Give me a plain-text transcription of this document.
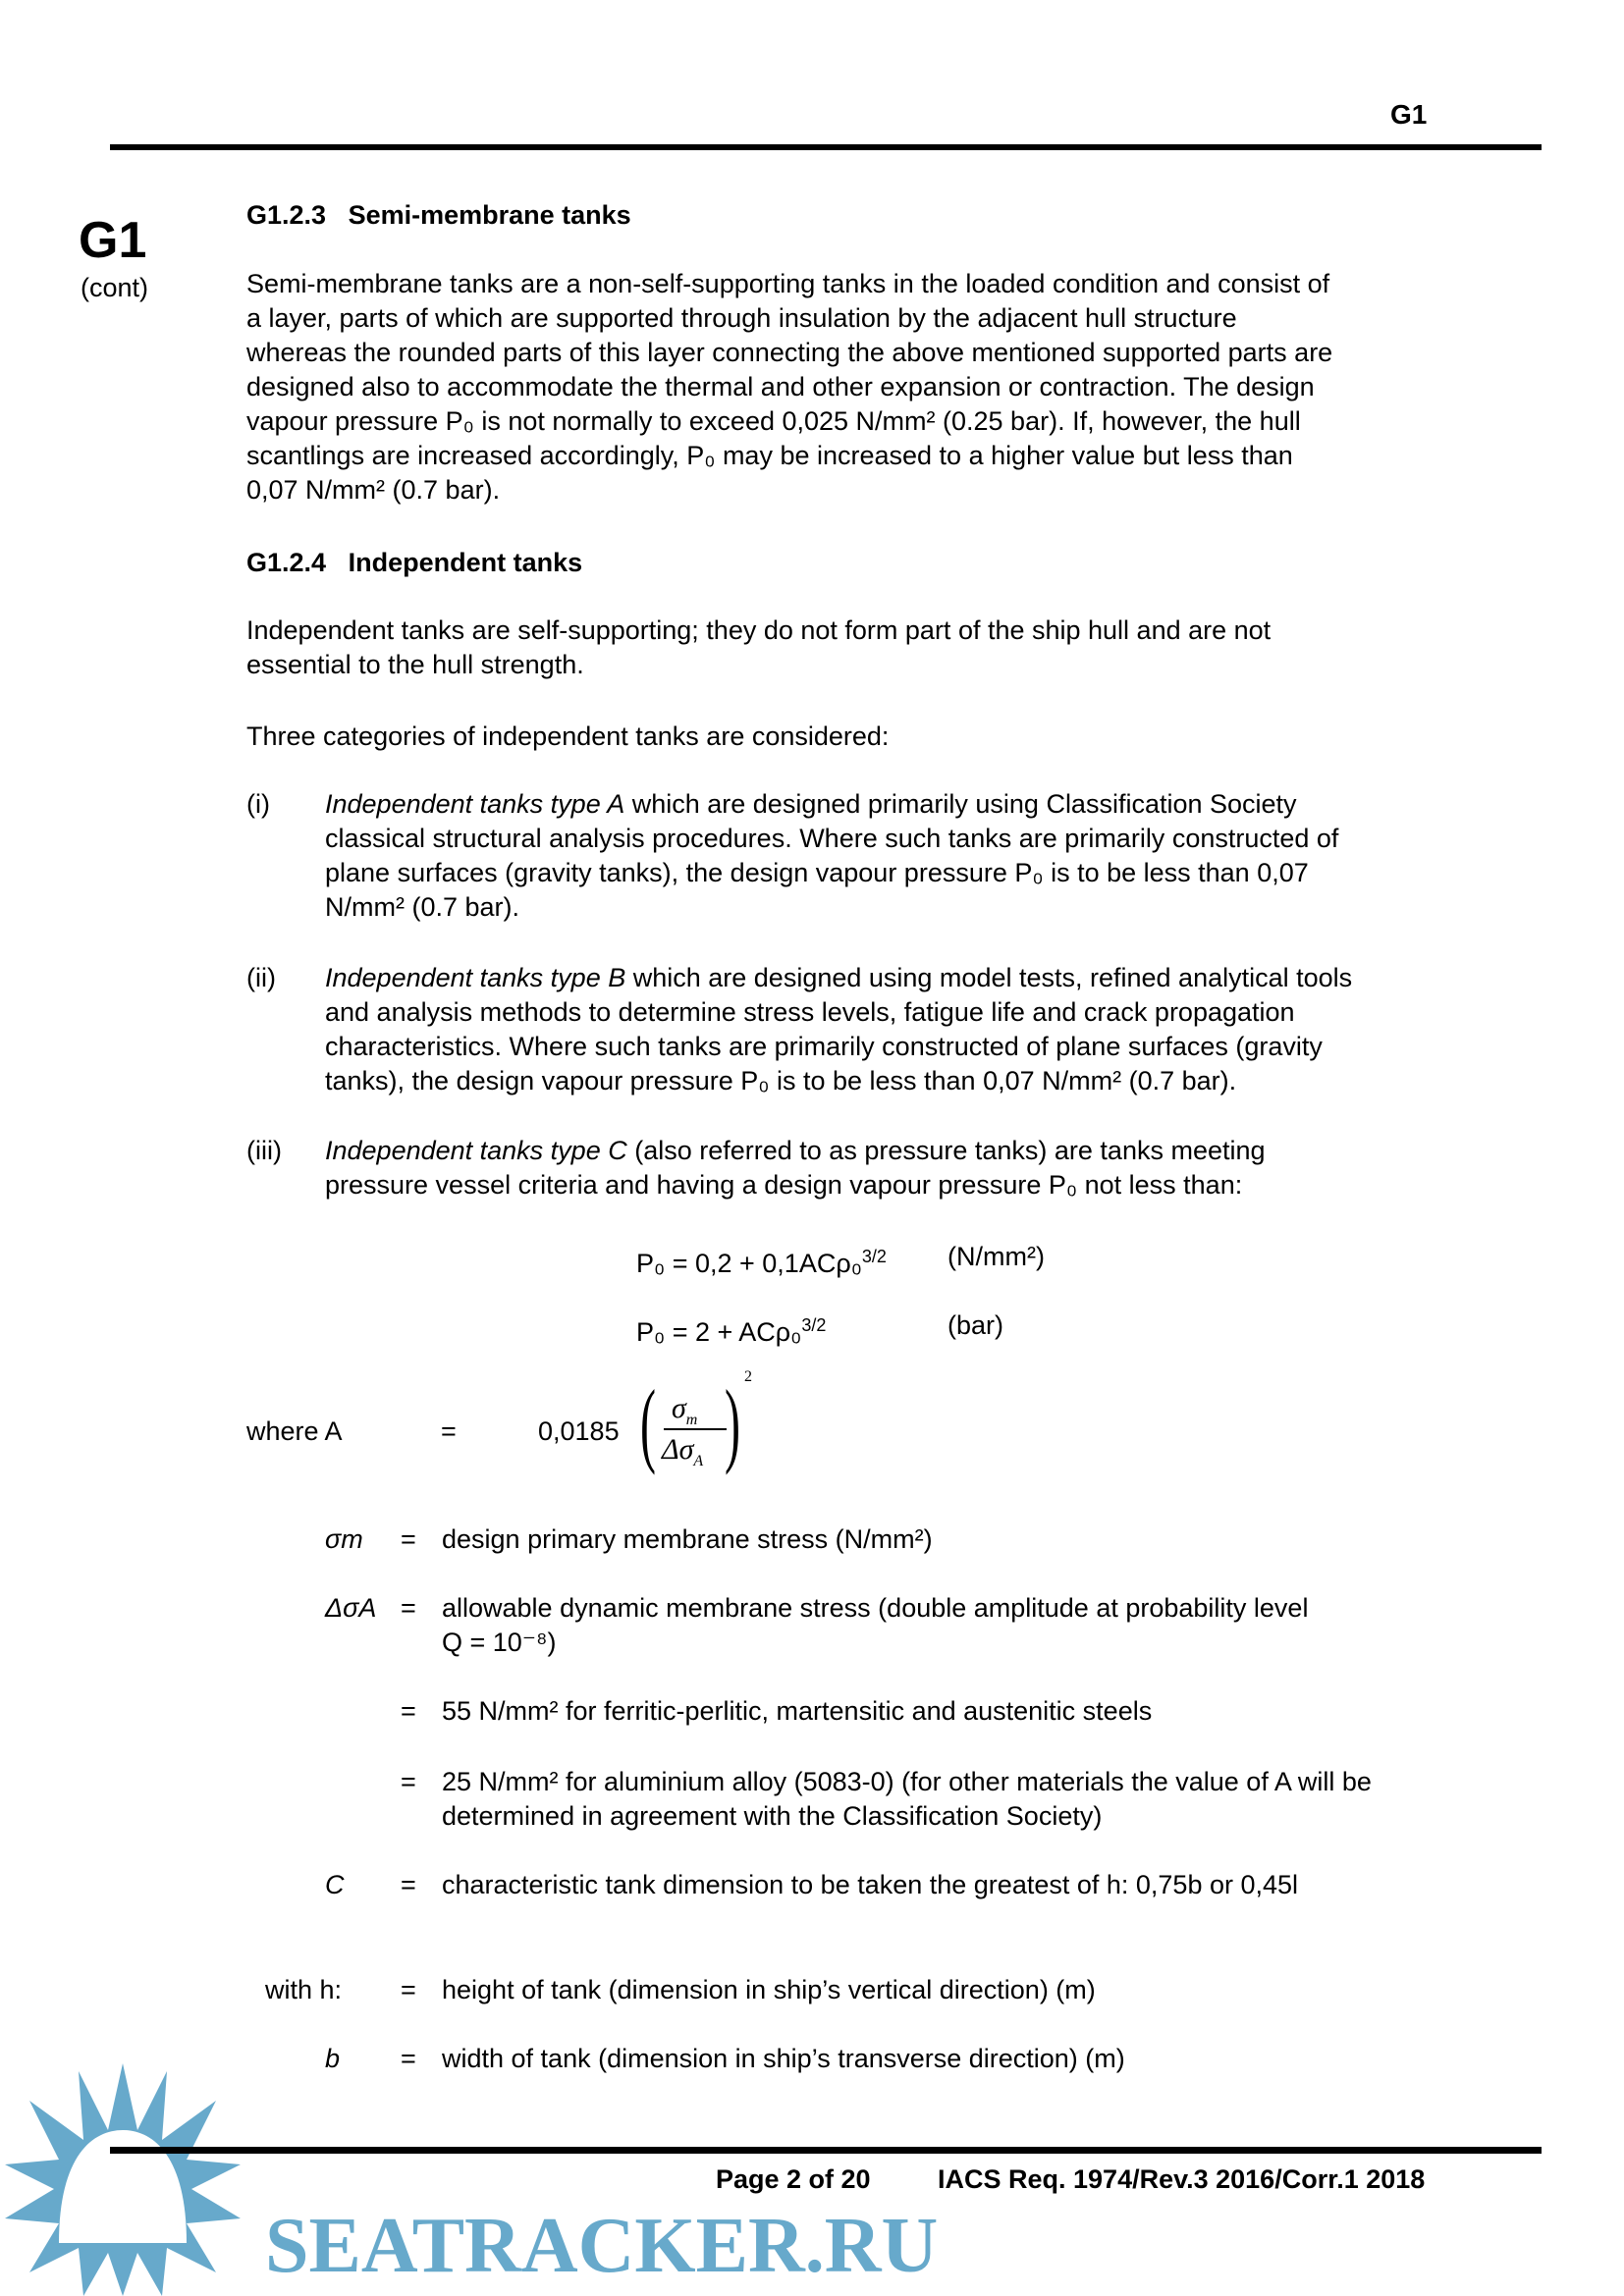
G1
G1
(cont)
G1.2.3 Semi-membrane tanks
Semi-membrane tanks are a non-self-supporting tanks in the loaded condition and consist of
a layer, parts of which are supported through insulation by the adjacent hull structure
whereas the rounded parts of this layer connecting the above mentioned supported parts are
designed also to accommodate the thermal and other expansion or contraction. The design
vapour pressure P₀ is not normally to exceed 0,025 N/mm² (0.25 bar). If, however, the hull
scantlings are increased accordingly, P₀ may be increased to a higher value but less than
0,07 N/mm² (0.7 bar).
G1.2.4 Independent tanks
Independent tanks are self-supporting; they do not form part of the ship hull and are not
essential to the hull strength.
Three categories of independent tanks are considered:
(i) Independent tanks type A which are designed primarily using Classification Society
classical structural analysis procedures. Where such tanks are primarily constructed of
plane surfaces (gravity tanks), the design vapour pressure P₀ is to be less than 0,07
N/mm² (0.7 bar).
(ii) Independent tanks type B which are designed using model tests, refined analytical tools
and analysis methods to determine stress levels, fatigue life and crack propagation
characteristics. Where such tanks are primarily constructed of plane surfaces (gravity
tanks), the design vapour pressure P₀ is to be less than 0,07 N/mm² (0.7 bar).
(iii) Independent tanks type C (also referred to as pressure tanks) are tanks meeting
pressure vessel criteria and having a design vapour pressure P₀ not less than:
P₀ = 0,2 + 0,1ACρ₀$^{3/2}$ (N/mm²)
P₀ = 2 + ACρ₀$^{3/2}$	(bar)
where A	=	0,0185 ( $\sigma_m$
$\Delta\sigma_A$ ) 2
σm = design primary membrane stress (N/mm²)
ΔσA = allowable dynamic membrane stress (double amplitude at probability level
Q = 10⁻⁸)
= 55 N/mm² for ferritic-perlitic, martensitic and austenitic steels
= 25 N/mm² for aluminium alloy (5083-0) (for other materials the value of A will be
determined in agreement with the Classification Society)
C = characteristic tank dimension to be taken the greatest of h: 0,75b or 0,45l
with h: = height of tank (dimension in ship’s vertical direction) (m)
b = width of tank (dimension in ship’s transverse direction) (m)
Page 2 of 20	IACS Req. 1974/Rev.3 2016/Corr.1 2018
SEATRACKER.RU
